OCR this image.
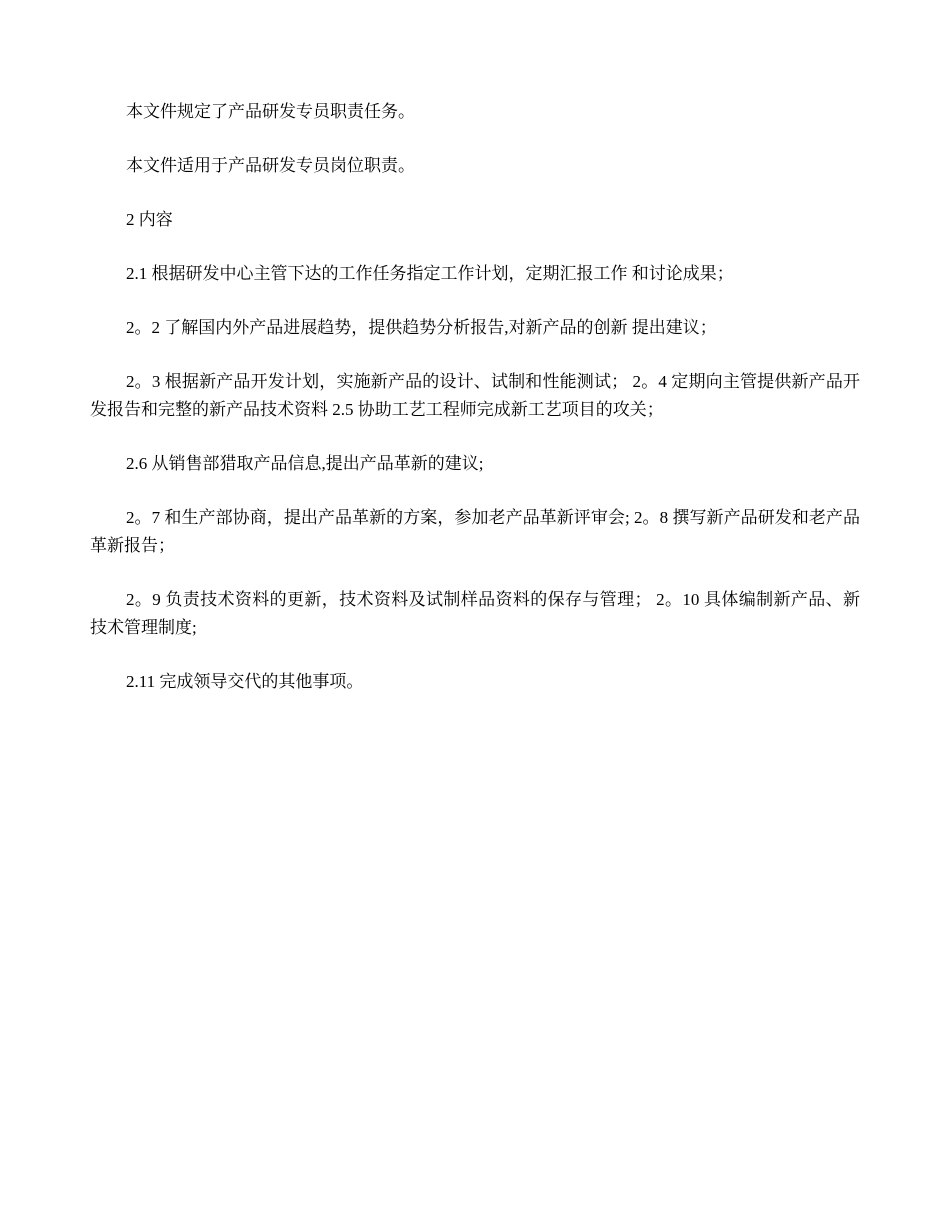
本文件规定了产品研发专员职责任务。

本文件适用于产品研发专员岗位职责。

2 内容

2.1 根据研发中心主管下达的工作任务指定工作计划，定期汇报工作 和讨论成果；

2。2 了解国内外产品进展趋势，提供趋势分析报告,对新产品的创新 提出建议；

2。3 根据新产品开发计划，实施新产品的设计、试制和性能测试； 2。4 定期向主管提供新产品开发报告和完整的新产品技术资料 2.5 协助工艺工程师完成新工艺项目的攻关；

2.6 从销售部猎取产品信息,提出产品革新的建议;

2。7 和生产部协商，提出产品革新的方案，参加老产品革新评审会; 2。8 撰写新产品研发和老产品革新报告；

2。9 负责技术资料的更新，技术资料及试制样品资料的保存与管理； 2。10 具体编制新产品、新技术管理制度;

2.11 完成领导交代的其他事项。
